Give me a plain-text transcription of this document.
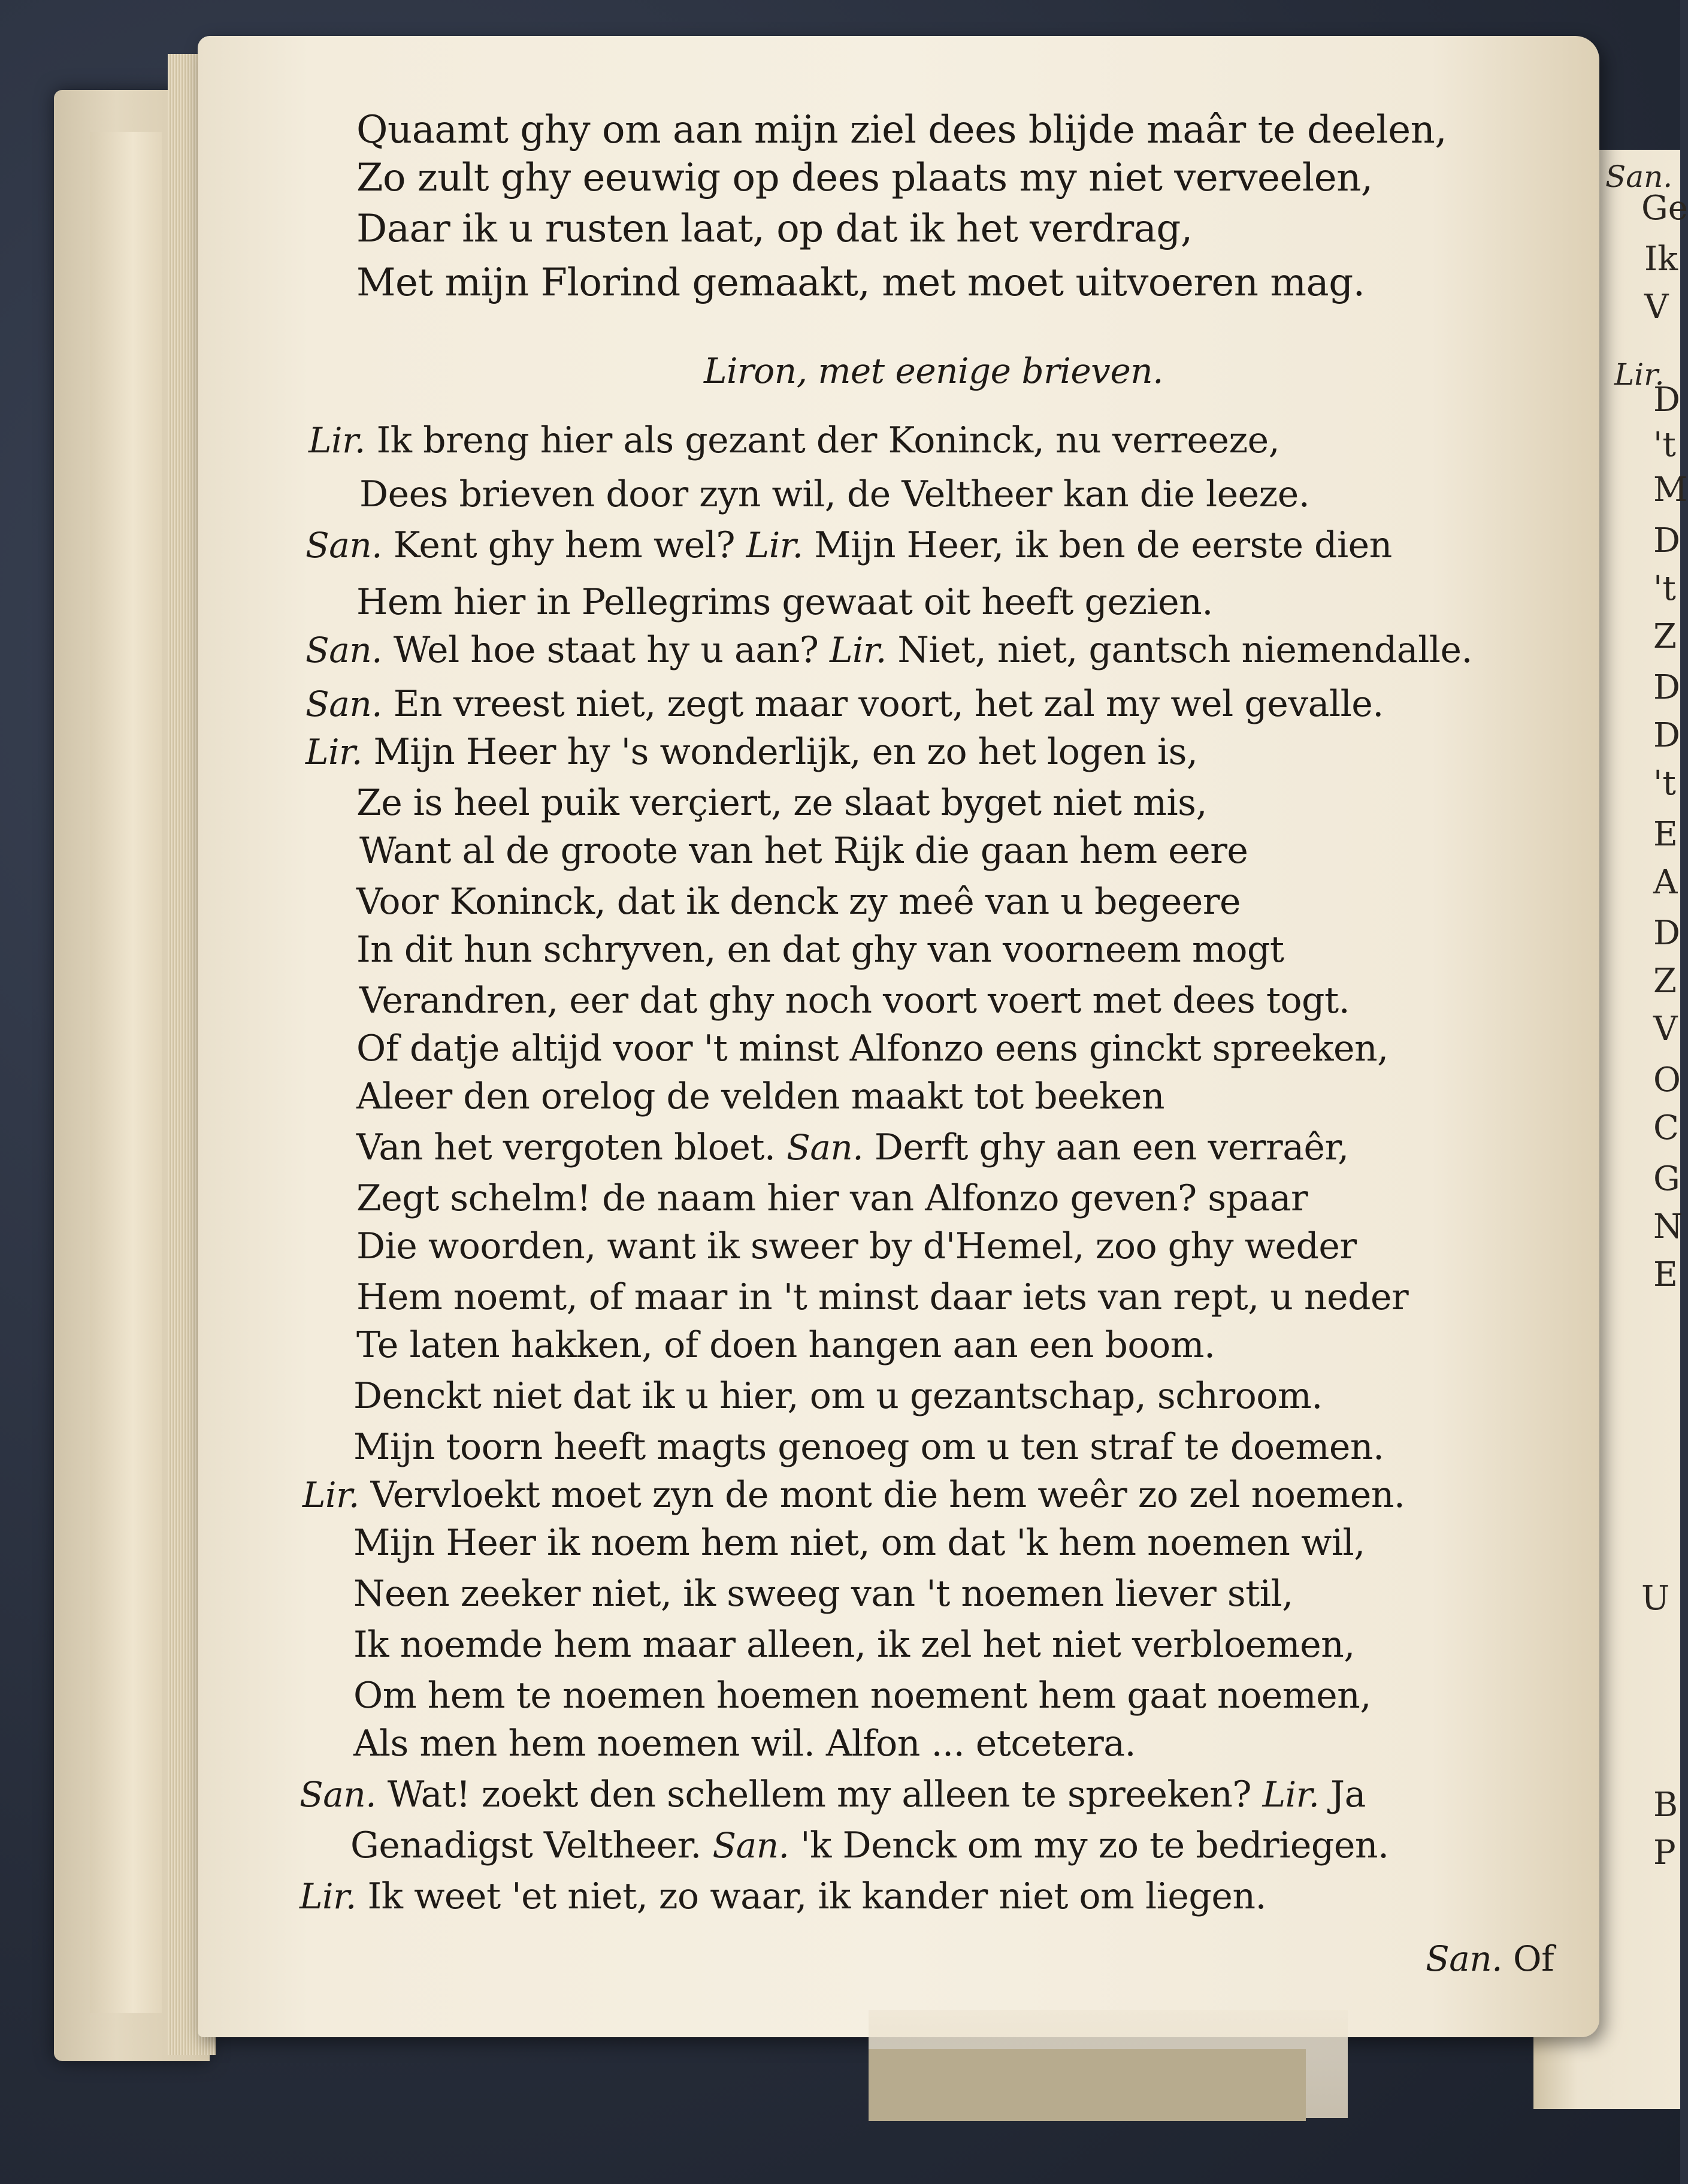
Quaamt ghy om aan mijn ziel dees blijde maâr te deelen,
Zo zult ghy eeuwig op dees plaats my niet verveelen,
Daar ik u rusten laat, op dat ik het verdrag,
Met mijn Florind gemaakt, met moet uitvoeren mag.
Liron, met eenige brieven.
Lir. Ik breng hier als gezant der Koninck, nu verreeze,
Dees brieven door zyn wil, de Veltheer kan die leeze.
San. Kent ghy hem wel? Lir. Mijn Heer, ik ben de eerste dien
Hem hier in Pellegrims gewaat oit heeft gezien.
San. Wel hoe staat hy u aan? Lir. Niet, niet, gantsch niemendalle.
San. En vreest niet, zegt maar voort, het zal my wel gevalle.
Lir. Mijn Heer hy 's wonderlijk, en zo het logen is,
Ze is heel puik verçiert, ze slaat byget niet mis,
Want al de groote van het Rijk die gaan hem eere
Voor Koninck, dat ik denck zy meê van u begeere
In dit hun schryven, en dat ghy van voorneem mogt
Verandren, eer dat ghy noch voort voert met dees togt.
Of datje altijd voor 't minst Alfonzo eens ginckt spreeken,
Aleer den orelog de velden maakt tot beeken
Van het vergoten bloet. San. Derft ghy aan een verraêr,
Zegt schelm! de naam hier van Alfonzo geven? spaar
Die woorden, want ik sweer by d'Hemel, zoo ghy weder
Hem noemt, of maar in 't minst daar iets van rept, u neder
Te laten hakken, of doen hangen aan een boom.
Denckt niet dat ik u hier, om u gezantschap, schroom.
Mijn toorn heeft magts genoeg om u ten straf te doemen.
Lir. Vervloekt moet zyn de mont die hem weêr zo zel noemen.
Mijn Heer ik noem hem niet, om dat 'k hem noemen wil,
Neen zeeker niet, ik sweeg van 't noemen liever stil,
Ik noemde hem maar alleen, ik zel het niet verbloemen,
Om hem te noemen hoemen noement hem gaat noemen,
Als men hem noemen wil. Alfon ... etcetera.
San. Wat! zoekt den schellem my alleen te spreeken? Lir. Ja
Genadigst Veltheer. San. 'k Denck om my zo te bedriegen.
Lir. Ik weet 'et niet, zo waar, ik kander niet om liegen.
San. Of
San.
Ge
Ik
V
Lir.
D
't
M
D
't
Z
D
D
't
E
A
D
Z
V
O
C
G
N
E
U
B
P
